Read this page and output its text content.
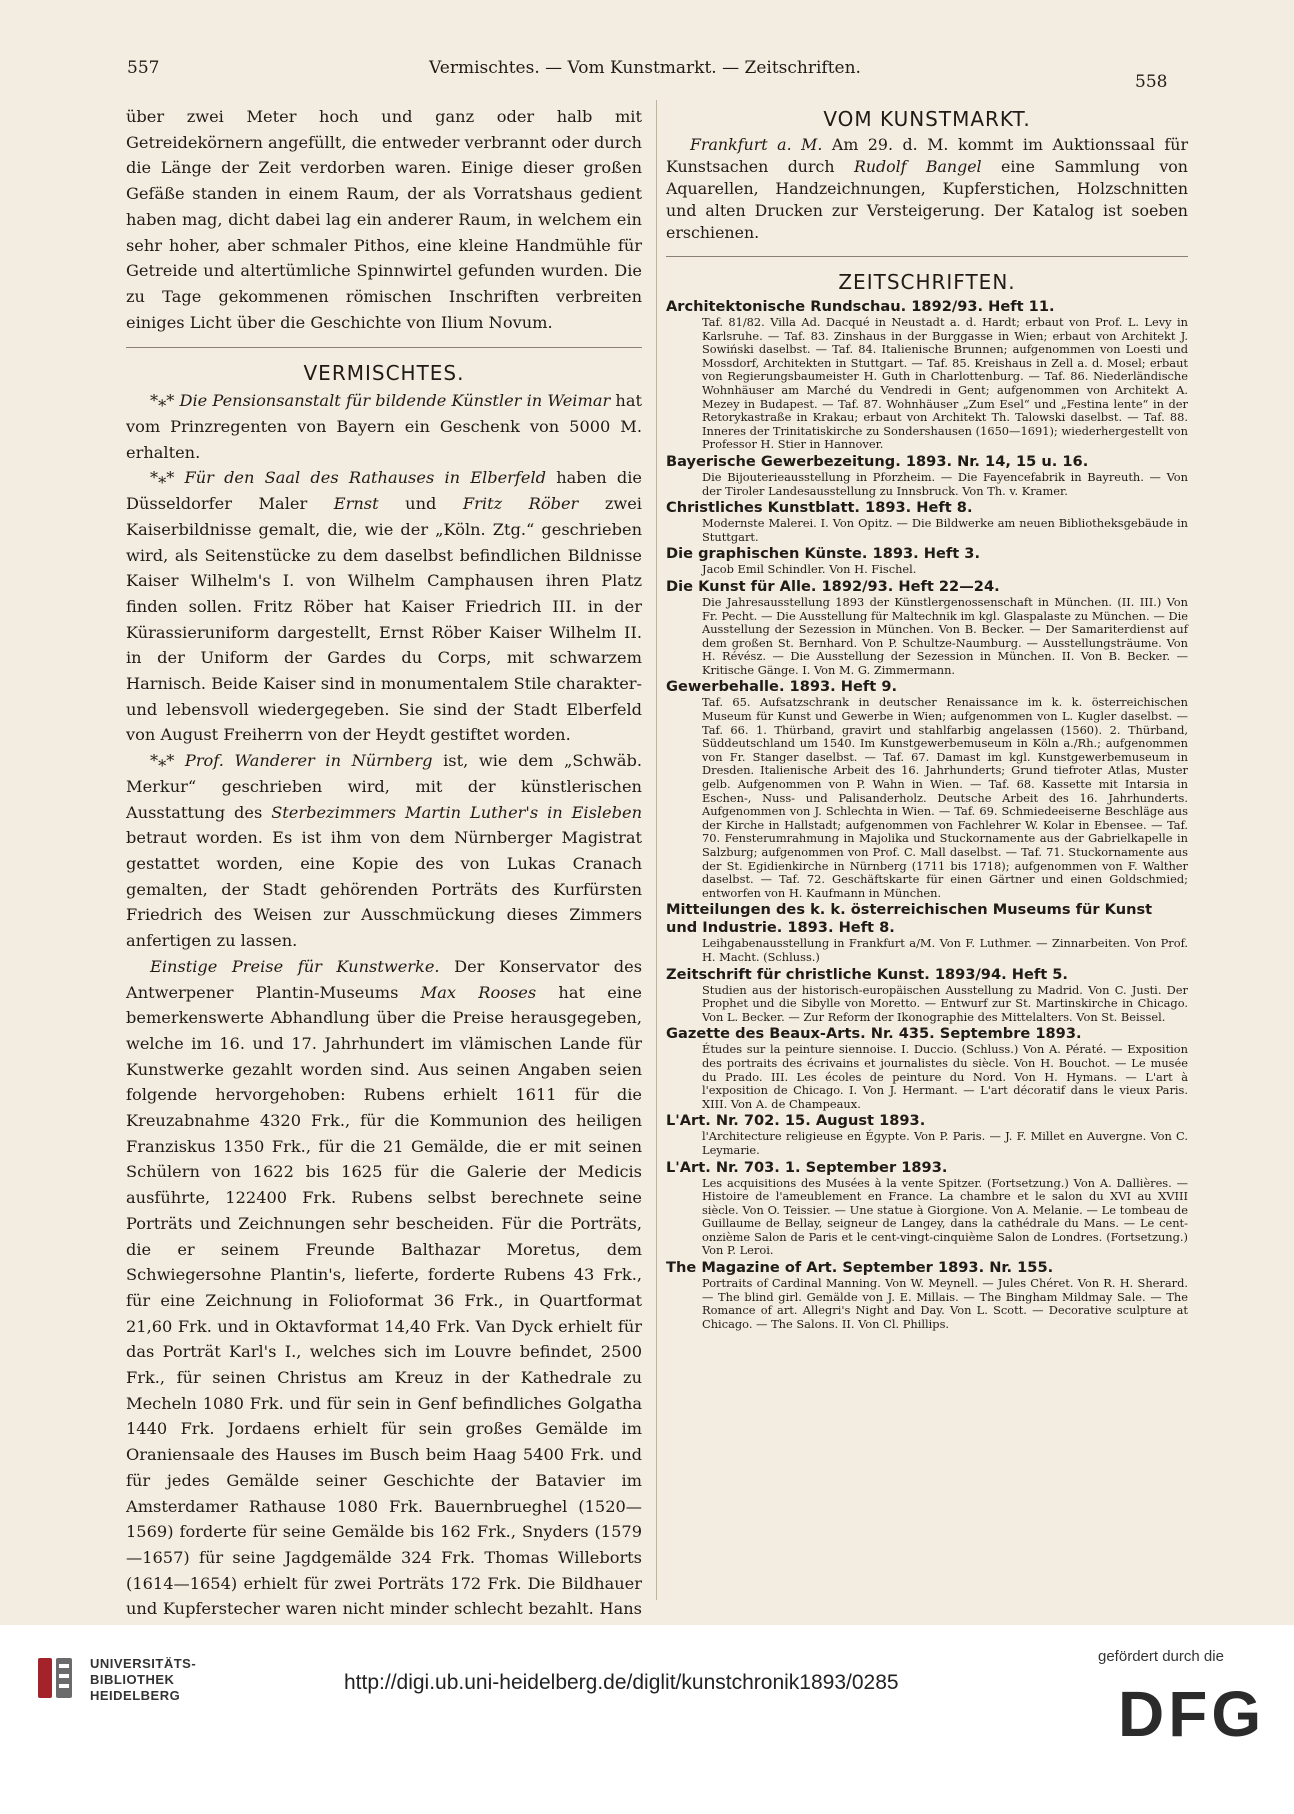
557	Vermischtes. — Vom Kunstmarkt. — Zeitschriften.
558

über zwei Meter hoch und ganz oder halb mit Getreidekörnern angefüllt, die entweder verbrannt oder durch die Länge der Zeit verdorben waren. Einige dieser großen Gefäße standen in einem Raum, der als Vorratshaus gedient haben mag, dicht dabei lag ein anderer Raum, in welchem ein sehr hoher, aber schmaler Pithos, eine kleine Handmühle für Getreide und altertümliche Spinnwirtel gefunden wurden. Die zu Tage gekommenen römischen Inschriften verbreiten einiges Licht über die Geschichte von Ilium Novum.

VERMISCHTES.

*⁎* Die Pensionsanstalt für bildende Künstler in Weimar hat vom Prinzregenten von Bayern ein Geschenk von 5000 M. erhalten.

*⁎* Für den Saal des Rathauses in Elberfeld haben die Düsseldorfer Maler Ernst und Fritz Röber zwei Kaiserbildnisse gemalt, die, wie der „Köln. Ztg.“ geschrieben wird, als Seitenstücke zu dem daselbst befindlichen Bildnisse Kaiser Wilhelm's I. von Wilhelm Camphausen ihren Platz finden sollen. Fritz Röber hat Kaiser Friedrich III. in der Kürassieruniform dargestellt, Ernst Röber Kaiser Wilhelm II. in der Uniform der Gardes du Corps, mit schwarzem Harnisch. Beide Kaiser sind in monumentalem Stile charakter- und lebensvoll wiedergegeben. Sie sind der Stadt Elberfeld von August Freiherrn von der Heydt gestiftet worden.

*⁎* Prof. Wanderer in Nürnberg ist, wie dem „Schwäb. Merkur“ geschrieben wird, mit der künstlerischen Ausstattung des Sterbezimmers Martin Luther's in Eisleben betraut worden. Es ist ihm von dem Nürnberger Magistrat gestattet worden, eine Kopie des von Lukas Cranach gemalten, der Stadt gehörenden Porträts des Kurfürsten Friedrich des Weisen zur Ausschmückung dieses Zimmers anfertigen zu lassen.

Einstige Preise für Kunstwerke. Der Konservator des Antwerpener Plantin-Museums Max Rooses hat eine bemerkenswerte Abhandlung über die Preise herausgegeben, welche im 16. und 17. Jahrhundert im vlämischen Lande für Kunstwerke gezahlt worden sind. Aus seinen Angaben seien folgende hervorgehoben: Rubens erhielt 1611 für die Kreuzabnahme 4320 Frk., für die Kommunion des heiligen Franziskus 1350 Frk., für die 21 Gemälde, die er mit seinen Schülern von 1622 bis 1625 für die Galerie der Medicis ausführte, 122400 Frk. Rubens selbst berechnete seine Porträts und Zeichnungen sehr bescheiden. Für die Porträts, die er seinem Freunde Balthazar Moretus, dem Schwiegersohne Plantin's, lieferte, forderte Rubens 43 Frk., für eine Zeichnung in Folioformat 36 Frk., in Quartformat 21,60 Frk. und in Oktavformat 14,40 Frk. Van Dyck erhielt für das Porträt Karl's I., welches sich im Louvre befindet, 2500 Frk., für seinen Christus am Kreuz in der Kathedrale zu Mecheln 1080 Frk. und für sein in Genf befindliches Golgatha 1440 Frk. Jordaens erhielt für sein großes Gemälde im Oraniensaale des Hauses im Busch beim Haag 5400 Frk. und für jedes Gemälde seiner Geschichte der Batavier im Amsterdamer Rathause 1080 Frk. Bauernbrueghel (1520—1569) forderte für seine Gemälde bis 162 Frk., Snyders (1579—1657) für seine Jagdgemälde 324 Frk. Thomas Willeborts (1614—1654) erhielt für zwei Porträts 172 Frk. Die Bildhauer und Kupferstecher waren nicht minder schlecht bezahlt. Hans

VOM KUNSTMARKT.

Frankfurt a. M. Am 29. d. M. kommt im Auktionssaal für Kunstsachen durch Rudolf Bangel eine Sammlung von Aquarellen, Handzeichnungen, Kupferstichen, Holzschnitten und alten Drucken zur Versteigerung. Der Katalog ist soeben erschienen.

ZEITSCHRIFTEN.
Architektonische Rundschau. 1892/93. Heft 11.
Taf. 81/82. Villa Ad. Dacqué in Neustadt a. d. Hardt; erbaut von Prof. L. Levy in Karlsruhe. — Taf. 83. Zinshaus in der Burggasse in Wien; erbaut von Architekt J. Sowiński daselbst. — Taf. 84. Italienische Brunnen; aufgenommen von Loesti und Mossdorf, Architekten in Stuttgart. — Taf. 85. Kreishaus in Zell a. d. Mosel; erbaut von Regierungsbaumeister H. Guth in Charlottenburg. — Taf. 86. Niederländische Wohnhäuser am Marché du Vendredi in Gent; aufgenommen von Architekt A. Mezey in Budapest. — Taf. 87. Wohnhäuser „Zum Esel“ und „Festina lente“ in der Retorykastraße in Krakau; erbaut von Architekt Th. Talowski daselbst. — Taf. 88. Inneres der Trinitatiskirche zu Sondershausen (1650—1691); wiederhergestellt von Professor H. Stier in Hannover.
Bayerische Gewerbezeitung. 1893. Nr. 14, 15 u. 16.
Die Bijouterieausstellung in Pforzheim. — Die Fayencefabrik in Bayreuth. — Von der Tiroler Landesausstellung zu Innsbruck. Von Th. v. Kramer.
Christliches Kunstblatt. 1893. Heft 8.
Modernste Malerei. I. Von Opitz. — Die Bildwerke am neuen Bibliotheksgebäude in Stuttgart.
Die graphischen Künste. 1893. Heft 3.
Jacob Emil Schindler. Von H. Fischel.
Die Kunst für Alle. 1892/93. Heft 22—24.
Die Jahresausstellung 1893 der Künstlergenossenschaft in München. (II. III.) Von Fr. Pecht. — Die Ausstellung für Maltechnik im kgl. Glaspalaste zu München. — Die Ausstellung der Sezession in München. Von B. Becker. — Der Samariterdienst auf dem großen St. Bernhard. Von P. Schultze-Naumburg. — Ausstellungsträume. Von H. Révész. — Die Ausstellung der Sezession in München. II. Von B. Becker. — Kritische Gänge. I. Von M. G. Zimmermann.
Gewerbehalle. 1893. Heft 9.
Taf. 65. Aufsatzschrank in deutscher Renaissance im k. k. österreichischen Museum für Kunst und Gewerbe in Wien; aufgenommen von L. Kugler daselbst. — Taf. 66. 1. Thürband, gravirt und stahlfarbig angelassen (1560). 2. Thürband, Süddeutschland um 1540. Im Kunstgewerbemuseum in Köln a./Rh.; aufgenommen von Fr. Stanger daselbst. — Taf. 67. Damast im kgl. Kunstgewerbemuseum in Dresden. Italienische Arbeit des 16. Jahrhunderts; Grund tiefroter Atlas, Muster gelb. Aufgenommen von P. Wahn in Wien. — Taf. 68. Kassette mit Intarsia in Eschen-, Nuss- und Palisanderholz. Deutsche Arbeit des 16. Jahrhunderts. Aufgenommen von J. Schlechta in Wien. — Taf. 69. Schmiedeeiserne Beschläge aus der Kirche in Hallstadt; aufgenommen von Fachlehrer W. Kolar in Ebensee. — Taf. 70. Fensterumrahmung in Majolika und Stuckornamente aus der Gabrielkapelle in Salzburg; aufgenommen von Prof. C. Mall daselbst. — Taf. 71. Stuckornamente aus der St. Egidienkirche in Nürnberg (1711 bis 1718); aufgenommen von F. Walther daselbst. — Taf. 72. Geschäftskarte für einen Gärtner und einen Goldschmied; entworfen von H. Kaufmann in München.
Mitteilungen des k. k. österreichischen Museums für Kunst und Industrie. 1893. Heft 8.
Leihgabenausstellung in Frankfurt a/M. Von F. Luthmer. — Zinnarbeiten. Von Prof. H. Macht. (Schluss.)
Zeitschrift für christliche Kunst. 1893/94. Heft 5.
Studien aus der historisch-europäischen Ausstellung zu Madrid. Von C. Justi. Der Prophet und die Sibylle von Moretto. — Entwurf zur St. Martinskirche in Chicago. Von L. Becker. — Zur Reform der Ikonographie des Mittelalters. Von St. Beissel.
Gazette des Beaux-Arts. Nr. 435. Septembre 1893.
Études sur la peinture siennoise. I. Duccio. (Schluss.) Von A. Pératé. — Exposition des portraits des écrivains et journalistes du siècle. Von H. Bouchot. — Le musée du Prado. III. Les écoles de peinture du Nord. Von H. Hymans. — L'art à l'exposition de Chicago. I. Von J. Hermant. — L'art décoratif dans le vieux Paris. XIII. Von A. de Champeaux.
L'Art. Nr. 702. 15. August 1893.
l'Architecture religieuse en Égypte. Von P. Paris. — J. F. Millet en Auvergne. Von C. Leymarie.
L'Art. Nr. 703. 1. September 1893.
Les acquisitions des Musées à la vente Spitzer. (Fortsetzung.) Von A. Dallières. — Histoire de l'ameublement en France. La chambre et le salon du XVI au XVIII siècle. Von O. Teissier. — Une statue à Giorgione. Von A. Melanie. — Le tombeau de Guillaume de Bellay, seigneur de Langey, dans la cathédrale du Mans. — Le cent-onzième Salon de Paris et le cent-vingt-cinquième Salon de Londres. (Fortsetzung.) Von P. Leroi.
The Magazine of Art. September 1893. Nr. 155.
Portraits of Cardinal Manning. Von W. Meynell. — Jules Chéret. Von R. H. Sherard. — The blind girl. Gemälde von J. E. Millais. — The Bingham Mildmay Sale. — The Romance of art. Allegri's Night and Day. Von L. Scott. — Decorative sculpture at Chicago. — The Salons. II. Von Cl. Phillips.
UNIVERSITÄTS-
BIBLIOTHEK
HEIDELBERG
http://digi.ub.uni-heidelberg.de/diglit/kunstchronik1893/0285
gefördert durch die
DFG
